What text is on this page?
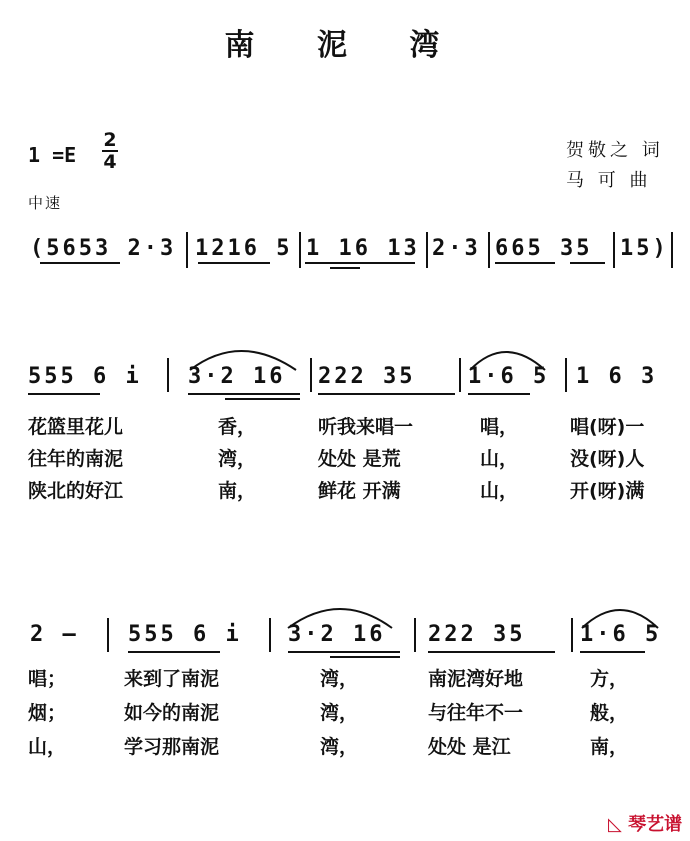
南 泥 湾
1 =E
2
4
贺敬之 词
马 可 曲
中速
(5653 2·3 1216 5 1 16 13 2·3 665 35 15)
555 6 i 3·2 16 222 35 1·6 5 1 6 3
花篮里花儿	香，	听我来唱一	唱，	唱(呀)一
往年的南泥	湾，	处处 是荒	山，	没(呀)人
陕北的好江	南，	鲜花 开满	山，	开(呀)满
2 – 555 6 i 3·2 16 222 35 1·6 5
唱；	来到了南泥	湾，	南泥湾好地	方，
烟；	如今的南泥	湾，	与往年不一	般，
山，	学习那南泥	湾，	处处 是江	南，
◺ 琴艺谱
